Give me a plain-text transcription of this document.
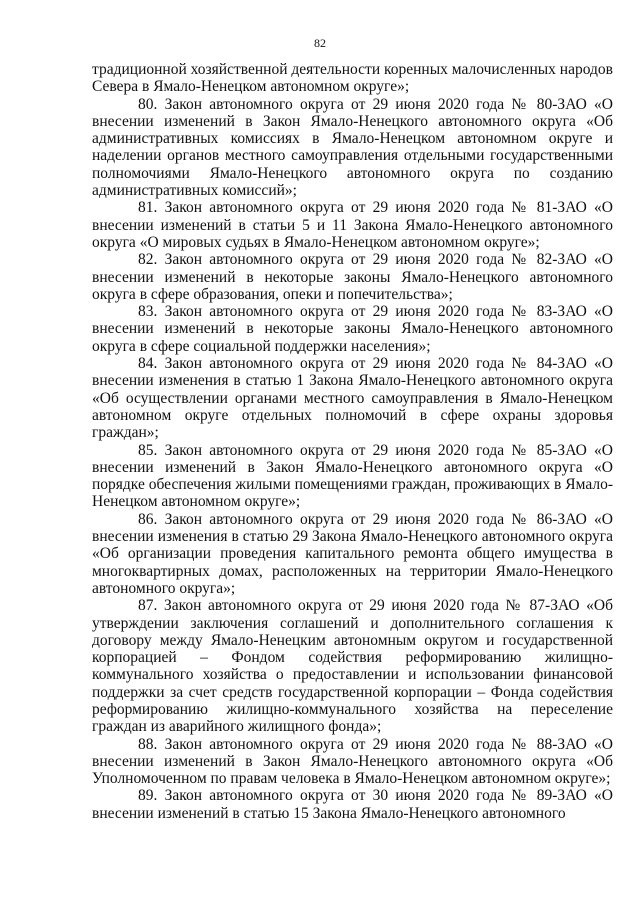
82

традиционной хозяйственной деятельности коренных малочисленных народов Севера в Ямало-Ненецком автономном округе»;

80. Закон автономного округа от 29 июня 2020 года № 80-ЗАО «О внесении изменений в Закон Ямало-Ненецкого автономного округа «Об административных комиссиях в Ямало-Ненецком автономном округе и наделении органов местного самоуправления отдельными государственными полномочиями Ямало-Ненецкого автономного округа по созданию административных комиссий»;

81. Закон автономного округа от 29 июня 2020 года № 81-ЗАО «О внесении изменений в статьи 5 и 11 Закона Ямало-Ненецкого автономного округа «О мировых судьях в Ямало-Ненецком автономном округе»;

82. Закон автономного округа от 29 июня 2020 года № 82-ЗАО «О внесении изменений в некоторые законы Ямало-Ненецкого автономного округа в сфере образования, опеки и попечительства»;

83. Закон автономного округа от 29 июня 2020 года № 83-ЗАО «О внесении изменений в некоторые законы Ямало-Ненецкого автономного округа в сфере социальной поддержки населения»;

84. Закон автономного округа от 29 июня 2020 года № 84-ЗАО «О внесении изменения в статью 1 Закона Ямало-Ненецкого автономного округа «Об осуществлении органами местного самоуправления в Ямало-Ненецком автономном округе отдельных полномочий в сфере охраны здоровья граждан»;

85. Закон автономного округа от 29 июня 2020 года № 85-ЗАО «О внесении изменений в Закон Ямало-Ненецкого автономного округа «О порядке обеспечения жилыми помещениями граждан, проживающих в Ямало-Ненецком автономном округе»;

86. Закон автономного округа от 29 июня 2020 года № 86-ЗАО «О внесении изменения в статью 29 Закона Ямало-Ненецкого автономного округа «Об организации проведения капитального ремонта общего имущества в многоквартирных домах, расположенных на территории Ямало-Ненецкого автономного округа»;

87. Закон автономного округа от 29 июня 2020 года № 87-ЗАО «Об утверждении заключения соглашений и дополнительного соглашения к договору между Ямало-Ненецким автономным округом и государственной корпорацией – Фондом содействия реформированию жилищно-коммунального хозяйства о предоставлении и использовании финансовой поддержки за счет средств государственной корпорации – Фонда содействия реформированию жилищно-коммунального хозяйства на переселение граждан из аварийного жилищного фонда»;

88. Закон автономного округа от 29 июня 2020 года № 88-ЗАО «О внесении изменений в Закон Ямало-Ненецкого автономного округа «Об Уполномоченном по правам человека в Ямало-Ненецком автономном округе»;

89. Закон автономного округа от 30 июня 2020 года № 89-ЗАО «О внесении изменений в статью 15 Закона Ямало-Ненецкого автономного
